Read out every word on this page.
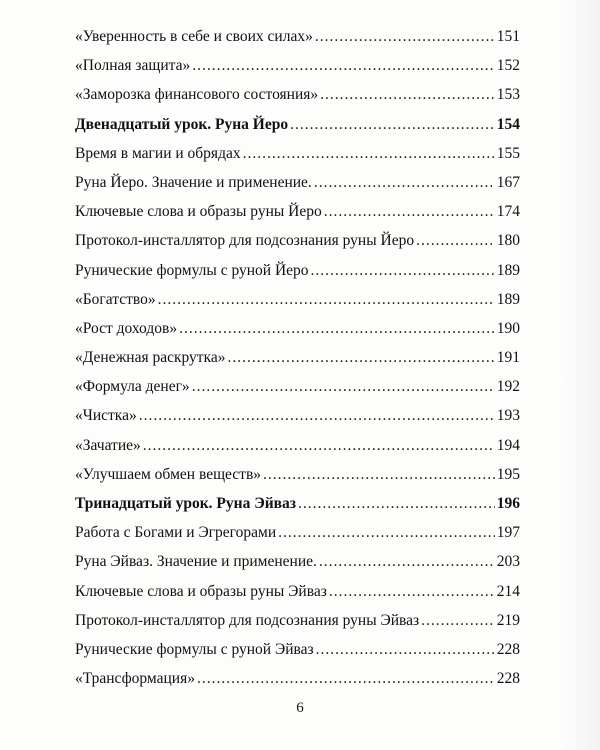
«Уверенность в себе и своих силах» .....	151
«Полная защита» .....	152
«Заморозка финансового состояния» .....	153
Двенадцатый урок. Руна Йеро .....	154
Время в магии и обрядах .....	155
Руна Йеро. Значение и применение. .....	167
Ключевые слова и образы руны Йеро .....	174
Протокол-инсталлятор для подсознания руны Йеро .....	180
Рунические формулы с руной Йеро .....	189
«Богатство» .....	189
«Рост доходов» .....	190
«Денежная раскрутка» .....	191
«Формула денег» .....	192
«Чистка» .....	193
«Зачатие» .....	194
«Улучшаем обмен веществ» .....	195
Тринадцатый урок. Руна Эйваз .....	196
Работа с Богами и Эгрегорами .....	197
Руна Эйваз. Значение и применение. .....	203
Ключевые слова и образы руны Эйваз .....	214
Протокол-инсталлятор для подсознания руны Эйваз .....	219
Рунические формулы с руной Эйваз .....	228
«Трансформация» .....	228
6
